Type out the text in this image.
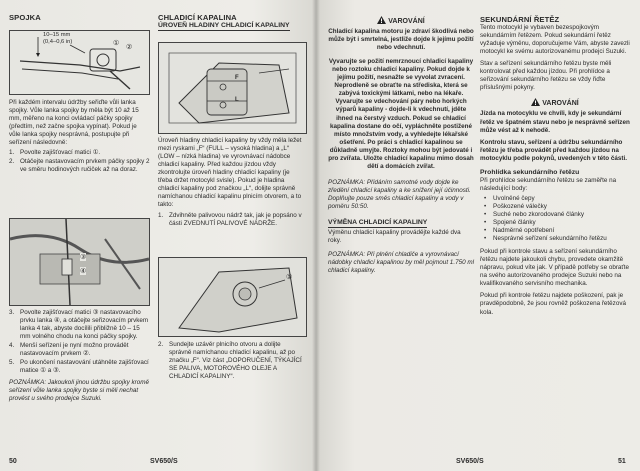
SPOJKA
10–15 mm
(0,4–0,6 in)	①
②

Při každém intervalu údržby seřiďte vůli lanka spojky. Vůle lanka spojky by měla být 10 až 15 mm, měřeno na konci ovládací páčky spojky (předtím, než začne spojka vypínat). Pokud je vůle lanka spojky nesprávná, postupujte při seřízení následovně:

1. Povolte zajišťovací matici ①.
2. Otáčejte nastavovacím prvkem páčky spojky 2 ve směru hodinových ručiček až na doraz.
③
④
3. Povolte zajišťovací matici ③ nastavovacího prvku lanka ④, a otáčejte seřizovacím prvkem lanka 4 tak, abyste docílili přibližně 10 – 15 mm volného chodu na konci páčky spojky.
4. Menší seřízení je nyní možno provádět nastavovacím prvkem ②.
5. Po ukončení nastavování utáhněte zajišťovací matice ① a ③.

POZNÁMKA: Jakoukoli jinou údržbu spojky kromě seřízení vůle lanka spojky byste si měli nechat provést u svého prodejce Suzuki.

CHLADICÍ KAPALINA
ÚROVEŇ HLADINY CHLADICÍ KAPALINY
F
L

Úroveň hladiny chladicí kapaliny by vždy měla ležet mezi ryskami „F“ (FULL – vysoká hladina) a „L“ (LOW – nízká hladina) ve vyrovnávací nádobce chladicí kapaliny. Před každou jízdou vždy zkontrolujte úroveň hladiny chladicí kapaliny (je třeba držet motocykl svisle). Pokud je hladina chladicí kapaliny pod značkou „L“, dolijte správně namíchanou chladicí kapalinu plnicím otvorem, a to takto:

1. Zdvihněte palivovou nádrž tak, jak je popsáno v části ZVEDNUTÍ PALIVOVÉ NÁDRŽE.
①
2. Sundejte uzávěr plnicího otvoru a dolijte správně namíchanou chladicí kapalinu, až po značku „F“. Viz část „DOPORUČENÍ, TÝKAJÍCÍ SE PALIVA, MOTOROVÉHO OLEJE A CHLADICÍ KAPALINY“.
50	SV650/S
VAROVÁNÍ

Chladicí kapalina motoru je zdraví škodlivá nebo může být i smrtelná, jestliže dojde k jejímu požití nebo vdechnutí.

Vyvarujte se požití nemrznoucí chladicí kapaliny nebo roztoku chladicí kapaliny. Pokud dojde k jejímu požití, nesnažte se vyvolat zvracení. Neprodleně se obraťte na střediska, která se zabývá toxickými látkami, nebo na lékaře. Vyvarujte se vdechování páry nebo horkých výparů kapaliny - dojde-li k vdechnutí, jděte ihned na čerstvý vzduch. Pokud se chladicí kapalina dostane do očí, vypláchněte postižené místo množstvím vody, a vyhledejte lékařské ošetření. Po práci s chladicí kapalinou se důkladně umyjte. Roztoky mohou být jedovaté i pro zvířata. Uložte chladicí kapalinu mimo dosah dětí a domácích zvířat.

POZNÁMKA: Přidáním samotné vody dojde ke zředění chladicí kapaliny a ke snížení její účinnosti. Doplňujte pouze směs chladicí kapaliny a vody v poměru 50:50.

VÝMĚNA CHLADICÍ KAPALINY

Výměnu chladicí kapaliny provádějte každé dva roky.

POZNÁMKA: Při plnění chladiče a vyrovnávací nádobky chladicí kapalinou by měl pojmout 1.750 ml chladicí kapaliny.

SEKUNDÁRNÍ ŘETĚZ

Tento motocykl je vybaven bezespojkovým sekundárním řetězem. Pokud sekundární řetěz vyžaduje výměnu, doporučujeme Vám, abyste zavezli motocykl ke svému autorizovanému prodejci Suzuki.

Stav a seřízení sekundárního řetězu byste měli kontrolovat před každou jízdou. Při prohlídce a seřizování sekundárního řetězu se vždy řiďte příslušnými pokyny.

VAROVÁNÍ

Jízda na motocyklu ve chvíli, kdy je sekundární řetěz ve špatném stavu nebo je nesprávně seřízen může vést až k nehodě.

Kontrolu stavu, seřízení a údržbu sekundárního řetězu je třeba provádět před každou jízdou na motocyklu podle pokynů, uvedených v této části.

Prohlídka sekundárního řetězu

Při prohlídce sekundárního řetězu se zaměřte na následující body:

• Uvolněné čepy
• Poškozené válečky
• Suché nebo zkorodované články
• Spojené články
• Nadměrné opotřebení
• Nesprávné seřízení sekundárního řetězu

Pokud při kontrole stavu a seřízení sekundárního řetězu najdete jakoukoli chybu, provedete okamžitě nápravu, pokud víte jak. V případě potřeby se obraťte na svého autorizovaného prodejce Suzuki nebo na kvalifikovaného servisního mechanika.

Pokud při kontrole řetězu najdete poškození, pak je pravděpodobně, že jsou rovněž poškozena řetězová kola.

SV650/S	51
